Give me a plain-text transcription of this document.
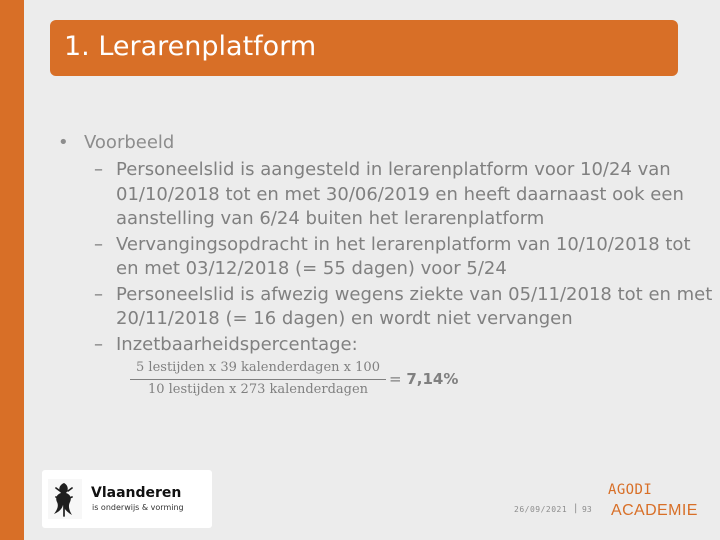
1. Lerarenplatform
• Voorbeeld
– Personeelslid is aangesteld in lerarenplatform voor 10/24 van
01/10/2018 tot en met 30/06/2019 en heeft daarnaast ook een
aanstelling van 6/24 buiten het lerarenplatform
– Vervangingsopdracht in het lerarenplatform van 10/10/2018 tot
en met 03/12/2018 (= 55 dagen) voor 5/24
– Personeelslid is afwezig wegens ziekte van 05/11/2018 tot en met
20/11/2018 (= 16 dagen) en wordt niet vervangen
– Inzetbaarheidspercentage:
5 lestijden x 39 kalenderdagen x 100
10 lestijden x 273 kalenderdagen
= 7,14%
Vlaanderen
is onderwijs & vorming	26/09/2021 | 93
AGODI
ACADEMIE
